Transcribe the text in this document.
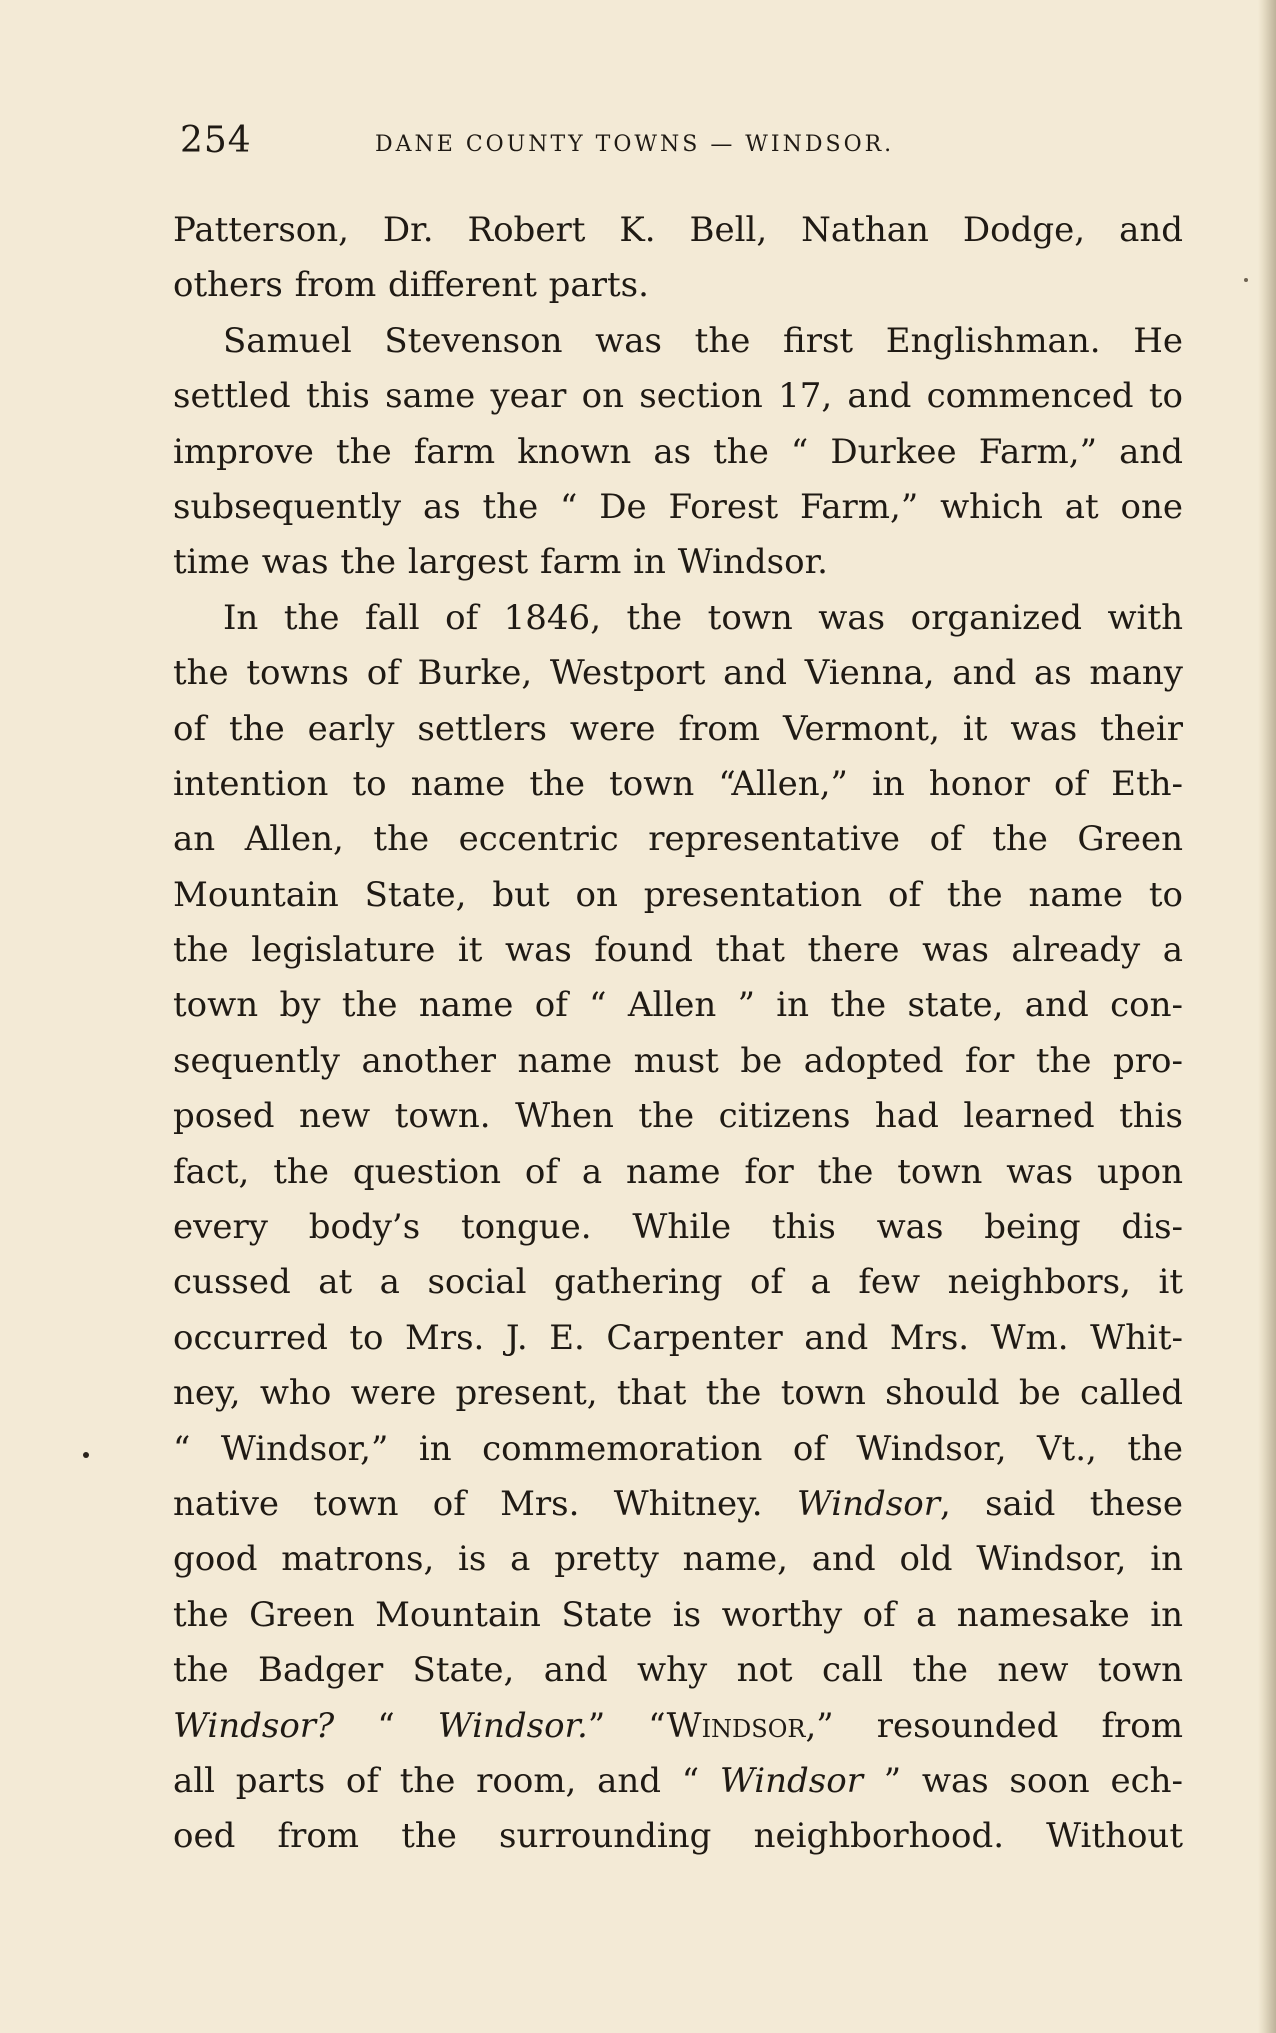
254	DANE COUNTY TOWNS — WINDSOR.
Patterson, Dr. Robert K. Bell, Nathan Dodge, and
others from different parts.
Samuel Stevenson was the first Englishman. He
settled this same year on section 17, and commenced to
improve the farm known as the “ Durkee Farm,” and
subsequently as the “ De Forest Farm,” which at one
time was the largest farm in Windsor.
In the fall of 1846, the town was organized with
the towns of Burke, Westport and Vienna, and as many
of the early settlers were from Vermont, it was their
intention to name the town “Allen,” in honor of Eth-
an Allen, the eccentric representative of the Green
Mountain State, but on presentation of the name to
the legislature it was found that there was already a
town by the name of “ Allen ” in the state, and con-
sequently another name must be adopted for the pro-
posed new town. When the citizens had learned this
fact, the question of a name for the town was upon
every body’s tongue. While this was being dis-
cussed at a social gathering of a few neighbors, it
occurred to Mrs. J. E. Carpenter and Mrs. Wm. Whit-
ney, who were present, that the town should be called
“ Windsor,” in commemoration of Windsor, Vt., the
native town of Mrs. Whitney. Windsor, said these
good matrons, is a pretty name, and old Windsor, in
the Green Mountain State is worthy of a namesake in
the Badger State, and why not call the new town
Windsor? “ Windsor.” “Windsor,” resounded from
all parts of the room, and “ Windsor ” was soon ech-
oed from the surrounding neighborhood. Without
